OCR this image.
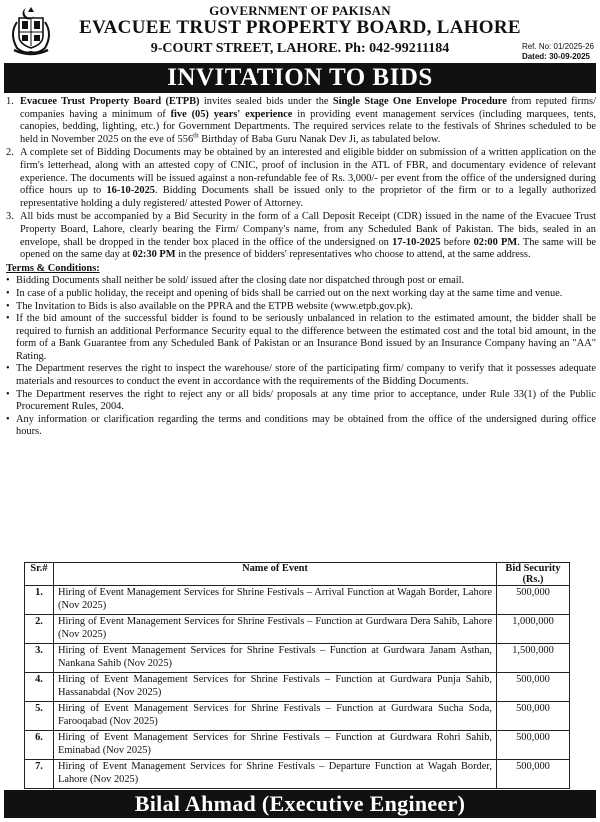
GOVERNMENT OF PAKISAN
EVACUEE TRUST PROPERTY BOARD, LAHORE
9-COURT STREET, LAHORE. Ph: 042-99211184	Ref. No: 01/2025-26
Dated: 30-09-2025
INVITATION TO BIDS
1. Evacuee Trust Property Board (ETPB) invites sealed bids under the Single Stage One Envelope Procedure from reputed firms/ companies having a minimum of five (05) years' experience in providing event management services (including marquees, tents, canopies, bedding, lighting, etc.) for Government Departments. The required services relate to the festivals of Shrines scheduled to be held in November 2025 on the eve of 556th Birthday of Baba Guru Nanak Dev Ji, as tabulated below.
2. A complete set of Bidding Documents may be obtained by an interested and eligible bidder on submission of a written application on the firm's letterhead, along with an attested copy of CNIC, proof of inclusion in the ATL of FBR, and documentary evidence of relevant experience. The documents will be issued against a non-refundable fee of Rs. 3,000/- per event from the office of the undersigned during office hours up to 16-10-2025. Bidding Documents shall be issued only to the proprietor of the firm or to a legally authorized representative holding a duly registered/ attested Power of Attorney.
3. All bids must be accompanied by a Bid Security in the form of a Call Deposit Receipt (CDR) issued in the name of the Evacuee Trust Property Board, Lahore, clearly bearing the Firm/ Company's name, from any Scheduled Bank of Pakistan. The bids, sealed in an envelope, shall be dropped in the tender box placed in the office of the undersigned on 17-10-2025 before 02:00 PM. The same will be opened on the same day at 02:30 PM in the presence of bidders' representatives who choose to attend, at the same address.
Terms & Conditions:
• Bidding Documents shall neither be sold/ issued after the closing date nor dispatched through post or email.
• In case of a public holiday, the receipt and opening of bids shall be carried out on the next working day at the same time and venue.
• The Invitation to Bids is also available on the PPRA and the ETPB website (www.etpb.gov.pk).
• If the bid amount of the successful bidder is found to be seriously unbalanced in relation to the estimated amount, the bidder shall be required to furnish an additional Performance Security equal to the difference between the estimated cost and the total bid amount, in the form of a Bank Guarantee from any Scheduled Bank of Pakistan or an Insurance Bond issued by an Insurance Company having an "AA" Rating.
• The Department reserves the right to inspect the warehouse/ store of the participating firm/ company to verify that it possesses adequate materials and resources to conduct the event in accordance with the requirements of the Bidding Documents.
• The Department reserves the right to reject any or all bids/ proposals at any time prior to acceptance, under Rule 33(1) of the Public Procurement Rules, 2004.
• Any information or clarification regarding the terms and conditions may be obtained from the office of the undersigned during office hours.
Sr.#	Name of Event	Bid Security (Rs.)
1.	Hiring of Event Management Services for Shrine Festivals – Arrival Function at Wagah Border, Lahore (Nov 2025)	500,000
2.	Hiring of Event Management Services for Shrine Festivals – Function at Gurdwara Dera Sahib, Lahore (Nov 2025)	1,000,000
3.	Hiring of Event Management Services for Shrine Festivals – Function at Gurdwara Janam Asthan, Nankana Sahib (Nov 2025)	1,500,000
4.	Hiring of Event Management Services for Shrine Festivals – Function at Gurdwara Punja Sahib, Hassanabdal (Nov 2025)	500,000
5.	Hiring of Event Management Services for Shrine Festivals – Function at Gurdwara Sucha Soda, Farooqabad (Nov 2025)	500,000
6.	Hiring of Event Management Services for Shrine Festivals – Function at Gurdwara Rohri Sahib, Eminabad (Nov 2025)	500,000
7.	Hiring of Event Management Services for Shrine Festivals – Departure Function at Wagah Border, Lahore (Nov 2025)	500,000
Bilal Ahmad (Executive Engineer)
